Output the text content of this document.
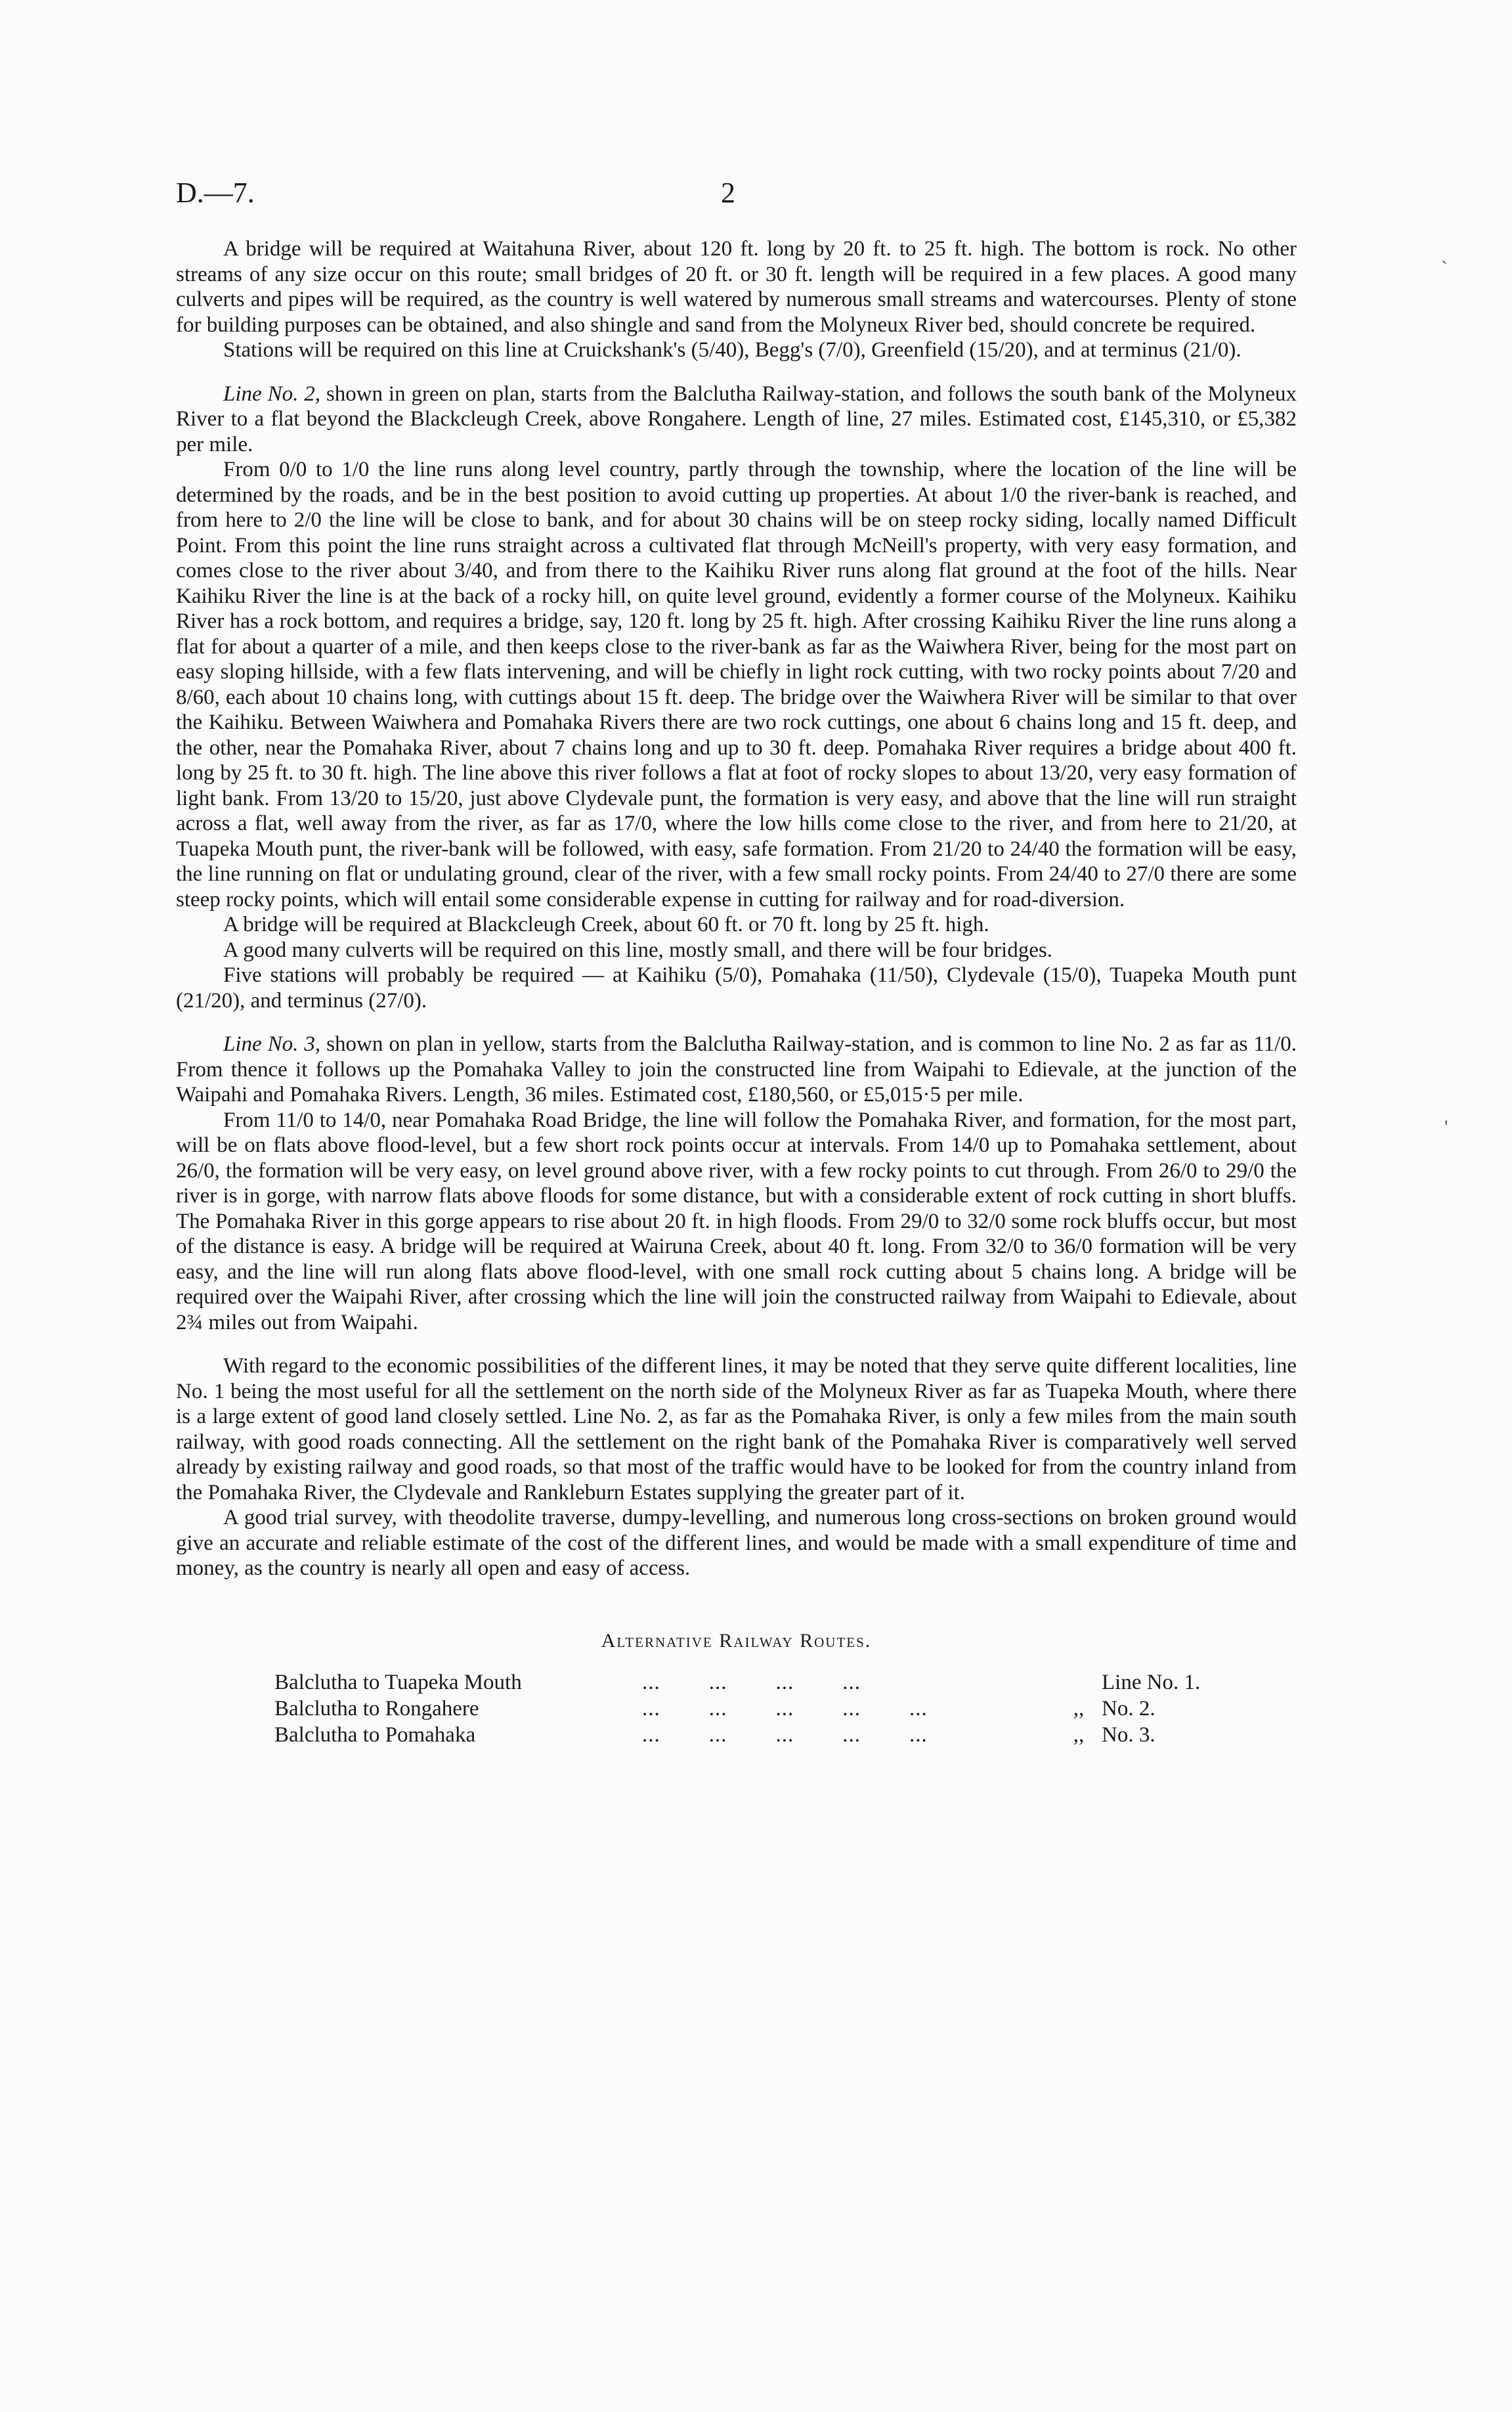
D.—7.	2

A bridge will be required at Waitahuna River, about 120 ft. long by 20 ft. to 25 ft. high. The bottom is rock. No other streams of any size occur on this route; small bridges of 20 ft. or 30 ft. length will be required in a few places. A good many culverts and pipes will be required, as the country is well watered by numerous small streams and watercourses. Plenty of stone for building purposes can be obtained, and also shingle and sand from the Molyneux River bed, should concrete be required.

Stations will be required on this line at Cruickshank's (5/40), Begg's (7/0), Greenfield (15/20), and at terminus (21/0).

Line No. 2, shown in green on plan, starts from the Balclutha Railway-station, and follows the south bank of the Molyneux River to a flat beyond the Blackcleugh Creek, above Rongahere. Length of line, 27 miles. Estimated cost, £145,310, or £5,382 per mile.

From 0/0 to 1/0 the line runs along level country, partly through the township, where the location of the line will be determined by the roads, and be in the best position to avoid cutting up properties. At about 1/0 the river-bank is reached, and from here to 2/0 the line will be close to bank, and for about 30 chains will be on steep rocky siding, locally named Difficult Point. From this point the line runs straight across a cultivated flat through McNeill's property, with very easy formation, and comes close to the river about 3/40, and from there to the Kaihiku River runs along flat ground at the foot of the hills. Near Kaihiku River the line is at the back of a rocky hill, on quite level ground, evidently a former course of the Molyneux. Kaihiku River has a rock bottom, and requires a bridge, say, 120 ft. long by 25 ft. high. After crossing Kaihiku River the line runs along a flat for about a quarter of a mile, and then keeps close to the river-bank as far as the Waiwhera River, being for the most part on easy sloping hillside, with a few flats intervening, and will be chiefly in light rock cutting, with two rocky points about 7/20 and 8/60, each about 10 chains long, with cuttings about 15 ft. deep. The bridge over the Waiwhera River will be similar to that over the Kaihiku. Between Waiwhera and Pomahaka Rivers there are two rock cuttings, one about 6 chains long and 15 ft. deep, and the other, near the Pomahaka River, about 7 chains long and up to 30 ft. deep. Pomahaka River requires a bridge about 400 ft. long by 25 ft. to 30 ft. high. The line above this river follows a flat at foot of rocky slopes to about 13/20, very easy formation of light bank. From 13/20 to 15/20, just above Clydevale punt, the formation is very easy, and above that the line will run straight across a flat, well away from the river, as far as 17/0, where the low hills come close to the river, and from here to 21/20, at Tuapeka Mouth punt, the river-bank will be followed, with easy, safe formation. From 21/20 to 24/40 the formation will be easy, the line running on flat or undulating ground, clear of the river, with a few small rocky points. From 24/40 to 27/0 there are some steep rocky points, which will entail some considerable expense in cutting for railway and for road-diversion.

A bridge will be required at Blackcleugh Creek, about 60 ft. or 70 ft. long by 25 ft. high.

A good many culverts will be required on this line, mostly small, and there will be four bridges.

Five stations will probably be required — at Kaihiku (5/0), Pomahaka (11/50), Clydevale (15/0), Tuapeka Mouth punt (21/20), and terminus (27/0).

Line No. 3, shown on plan in yellow, starts from the Balclutha Railway-station, and is common to line No. 2 as far as 11/0. From thence it follows up the Pomahaka Valley to join the constructed line from Waipahi to Edievale, at the junction of the Waipahi and Pomahaka Rivers. Length, 36 miles. Estimated cost, £180,560, or £5,015·5 per mile.

From 11/0 to 14/0, near Pomahaka Road Bridge, the line will follow the Pomahaka River, and formation, for the most part, will be on flats above flood-level, but a few short rock points occur at intervals. From 14/0 up to Pomahaka settlement, about 26/0, the formation will be very easy, on level ground above river, with a few rocky points to cut through. From 26/0 to 29/0 the river is in gorge, with narrow flats above floods for some distance, but with a considerable extent of rock cutting in short bluffs. The Pomahaka River in this gorge appears to rise about 20 ft. in high floods. From 29/0 to 32/0 some rock bluffs occur, but most of the distance is easy. A bridge will be required at Wairuna Creek, about 40 ft. long. From 32/0 to 36/0 formation will be very easy, and the line will run along flats above flood-level, with one small rock cutting about 5 chains long. A bridge will be required over the Waipahi River, after crossing which the line will join the constructed railway from Waipahi to Edievale, about 2¾ miles out from Waipahi.

With regard to the economic possibilities of the different lines, it may be noted that they serve quite different localities, line No. 1 being the most useful for all the settlement on the north side of the Molyneux River as far as Tuapeka Mouth, where there is a large extent of good land closely settled. Line No. 2, as far as the Pomahaka River, is only a few miles from the main south railway, with good roads connecting. All the settlement on the right bank of the Pomahaka River is comparatively well served already by existing railway and good roads, so that most of the traffic would have to be looked for from the country inland from the Pomahaka River, the Clydevale and Rankleburn Estates supplying the greater part of it.

A good trial survey, with theodolite traverse, dumpy-levelling, and numerous long cross-sections on broken ground would give an accurate and reliable estimate of the cost of the different lines, and would be made with a small expenditure of time and money, as the country is nearly all open and easy of access.

Alternative Railway Routes.
Balclutha to Tuapeka Mouth	...        ...        ...        ...		Line No. 1.
Balclutha to Rongahere	...        ...        ...        ...        ...	,,	No. 2.
Balclutha to Pomahaka	...        ...        ...        ...        ...	,,	No. 3.
`
'
